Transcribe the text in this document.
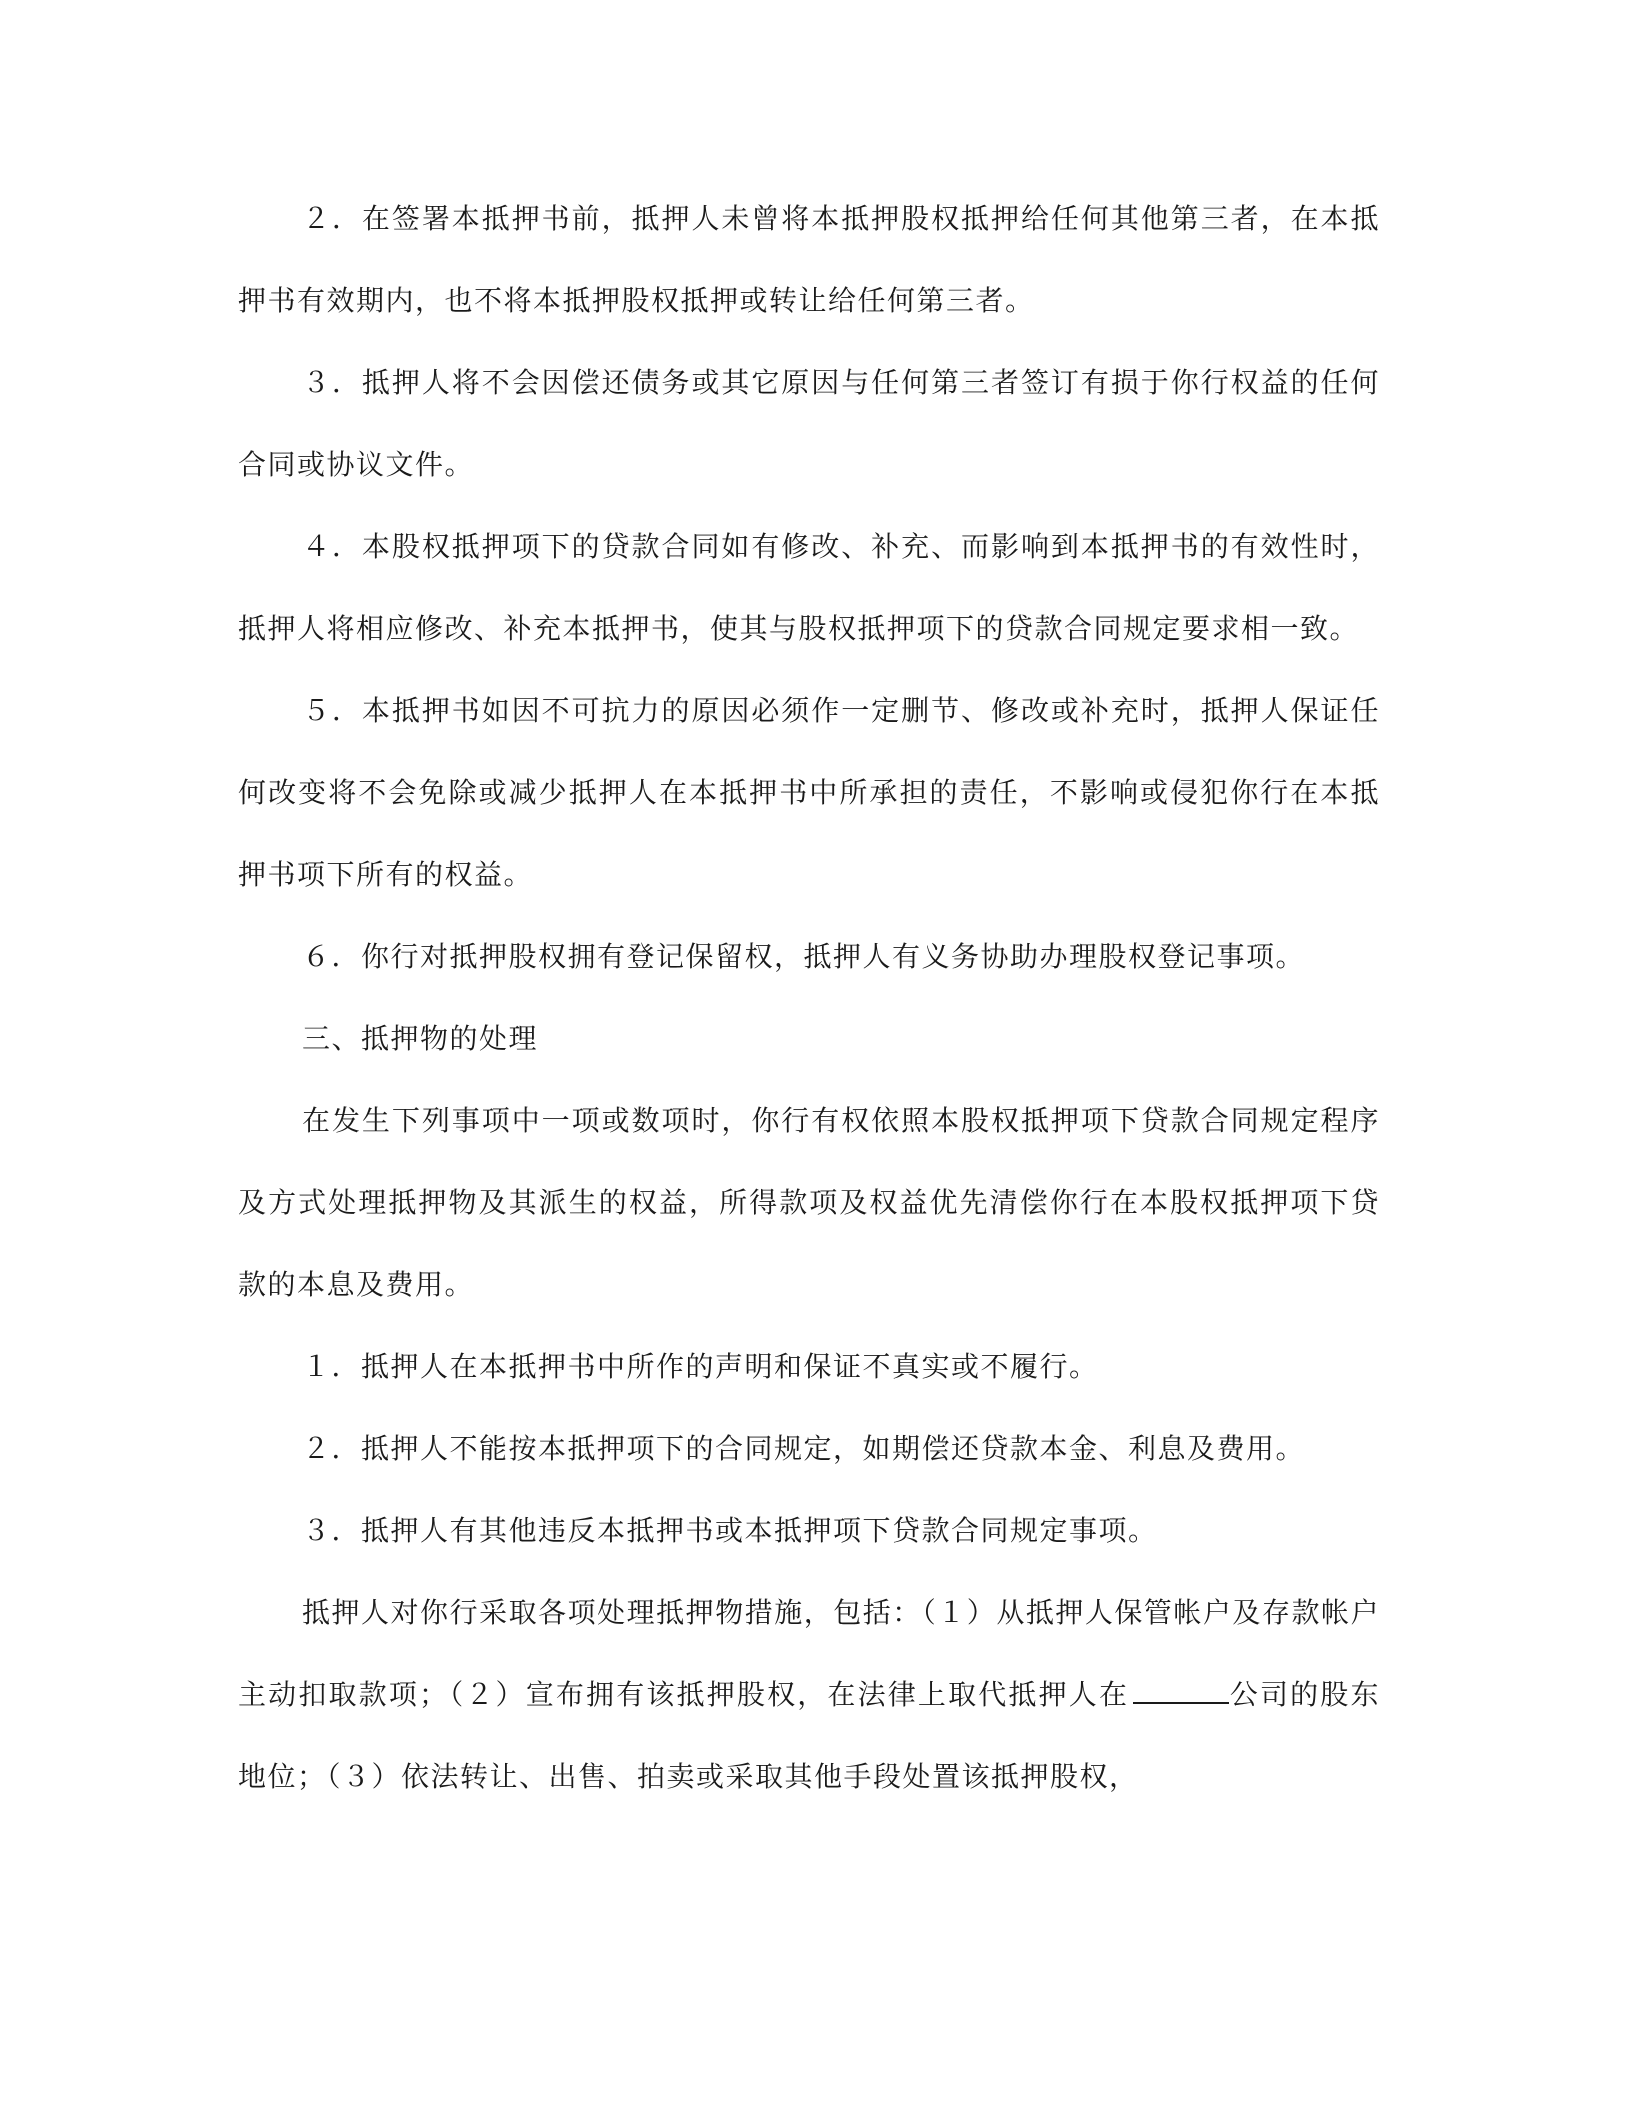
２．在签署本抵押书前，抵押人未曾将本抵押股权抵押给任何其他第三者，在本抵押书有效期内，也不将本抵押股权抵押或转让给任何第三者。

３．抵押人将不会因偿还债务或其它原因与任何第三者签订有损于你行权益的任何合同或协议文件。

４．本股权抵押项下的贷款合同如有修改、补充、而影响到本抵押书的有效性时，抵押人将相应修改、补充本抵押书，使其与股权抵押项下的贷款合同规定要求相一致。

５．本抵押书如因不可抗力的原因必须作一定删节、修改或补充时，抵押人保证任何改变将不会免除或减少抵押人在本抵押书中所承担的责任，不影响或侵犯你行在本抵押书项下所有的权益。

６．你行对抵押股权拥有登记保留权，抵押人有义务协助办理股权登记事项。

三、抵押物的处理

在发生下列事项中一项或数项时，你行有权依照本股权抵押项下贷款合同规定程序及方式处理抵押物及其派生的权益，所得款项及权益优先清偿你行在本股权抵押项下贷款的本息及费用。

１．抵押人在本抵押书中所作的声明和保证不真实或不履行。

２．抵押人不能按本抵押项下的合同规定，如期偿还贷款本金、利息及费用。

３．抵押人有其他违反本抵押书或本抵押项下贷款合同规定事项。

抵押人对你行采取各项处理抵押物措施，包括：（１）从抵押人保管帐户及存款帐户主动扣取款项；（２）宣布拥有该抵押股权，在法律上取代抵押人在	公司的股东地位；（３）依法转让、出售、拍卖或采取其他手段处置该抵押股权，
